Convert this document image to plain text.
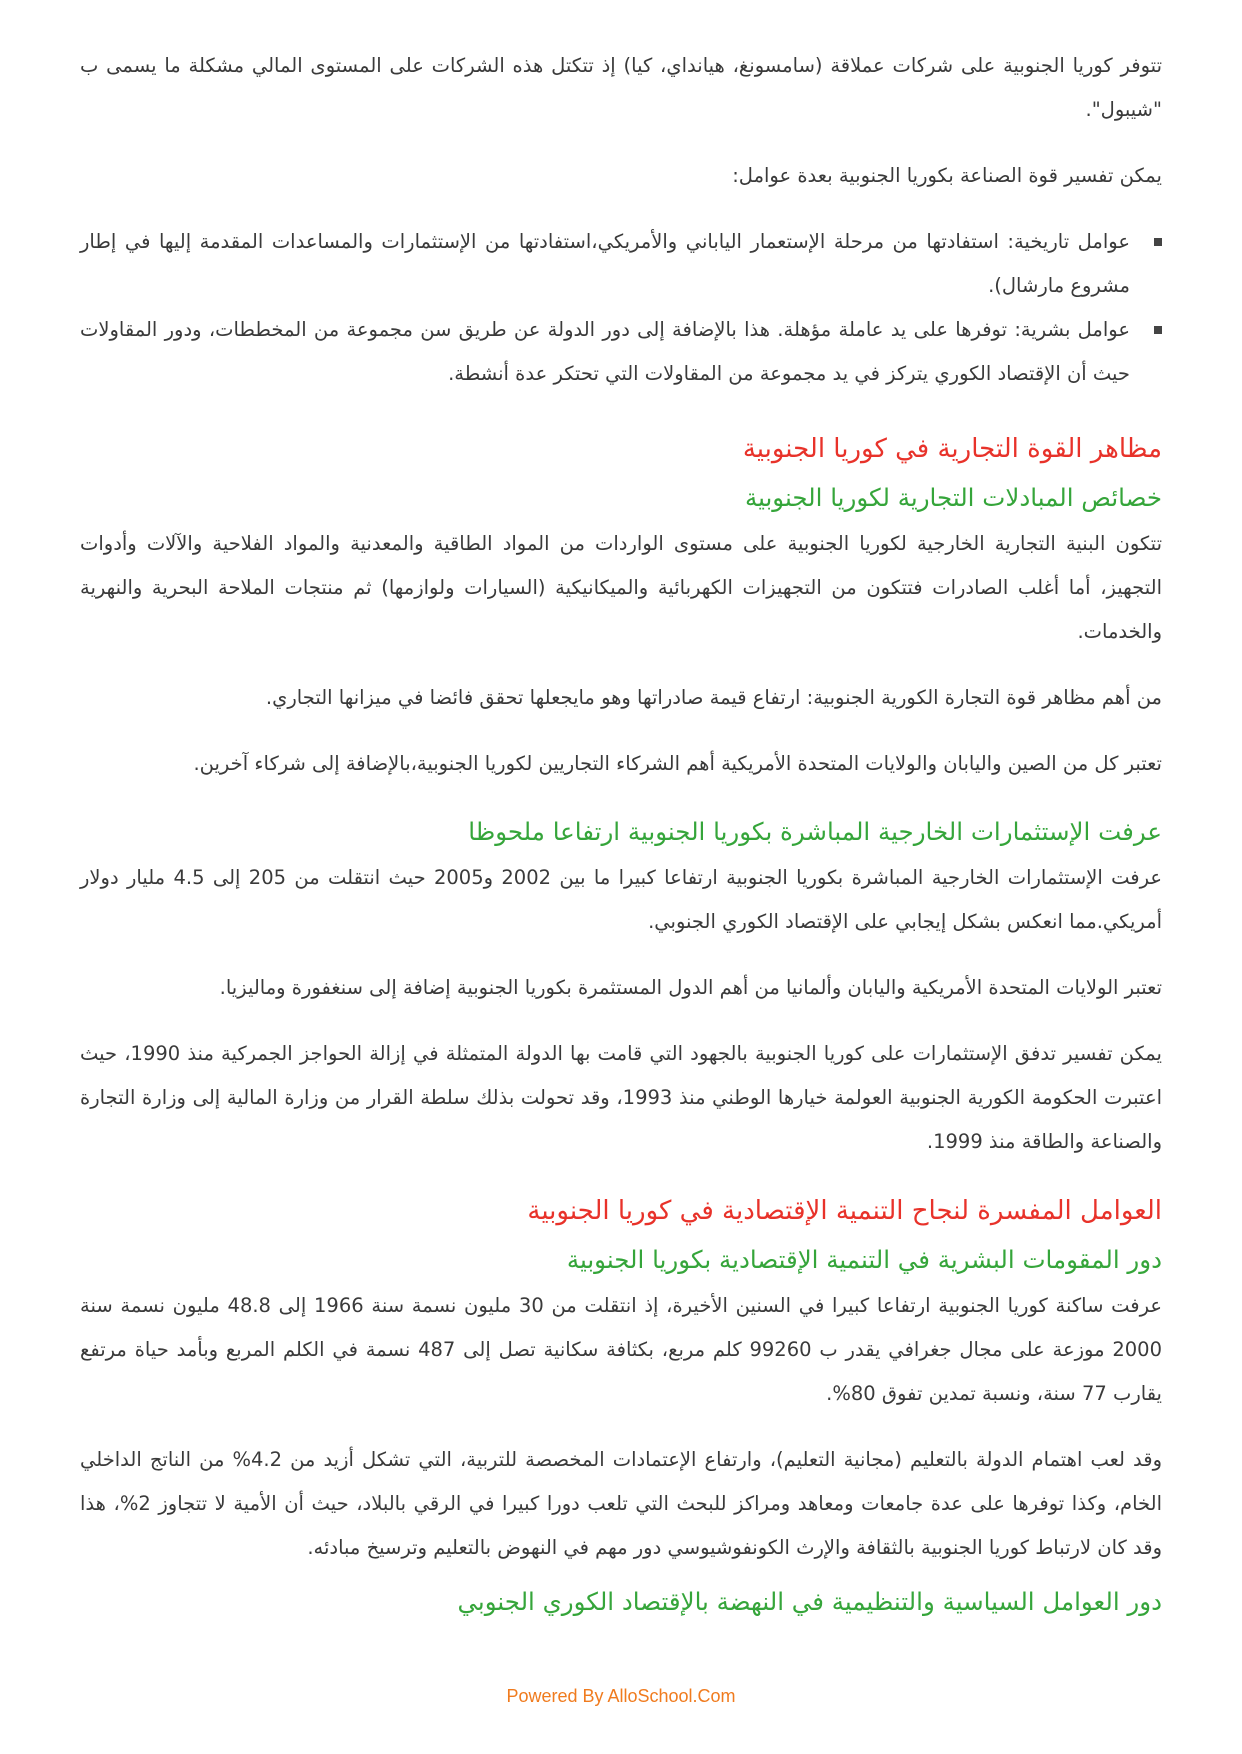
تتوفر كوريا الجنوبية على شركات عملاقة (سامسونغ، هيانداي، كيا) إذ تتكتل هذه الشركات على المستوى المالي مشكلة ما يسمى ب "شيبول".

يمكن تفسير قوة الصناعة بكوريا الجنوبية بعدة عوامل:

عوامل تاريخية: استفادتها من مرحلة الإستعمار الياباني والأمريكي،استفادتها من الإستثمارات والمساعدات المقدمة إليها في إطار مشروع مارشال).
عوامل بشرية: توفرها على يد عاملة مؤهلة. هذا بالإضافة إلى دور الدولة عن طريق سن مجموعة من المخططات، ودور المقاولات حيث أن الإقتصاد الكوري يتركز في يد مجموعة من المقاولات التي تحتكر عدة أنشطة.
مظاهر القوة التجارية في كوريا الجنوبية
خصائص المبادلات التجارية لكوريا الجنوبية

تتكون البنية التجارية الخارجية لكوريا الجنوبية على مستوى الواردات من المواد الطاقية والمعدنية والمواد الفلاحية والآلات وأدوات التجهيز، أما أغلب الصادرات فتتكون من التجهيزات الكهربائية والميكانيكية (السيارات ولوازمها) ثم منتجات الملاحة البحرية والنهرية والخدمات.

من أهم مظاهر قوة التجارة الكورية الجنوبية: ارتفاع قيمة صادراتها وهو مايجعلها تحقق فائضا في ميزانها التجاري.

تعتبر كل من الصين واليابان والولايات المتحدة الأمريكية أهم الشركاء التجاريين لكوريا الجنوبية،بالإضافة إلى شركاء آخرين.

عرفت الإستثمارات الخارجية المباشرة بكوريا الجنوبية ارتفاعا ملحوظا

عرفت الإستثمارات الخارجية المباشرة بكوريا الجنوبية ارتفاعا كبيرا ما بين 2002 و2005 حيث انتقلت من 205 إلى 4.5 مليار دولار أمريكي.مما انعكس بشكل إيجابي على الإقتصاد الكوري الجنوبي.

تعتبر الولايات المتحدة الأمريكية واليابان وألمانيا من أهم الدول المستثمرة بكوريا الجنوبية إضافة إلى سنغفورة وماليزيا.

يمكن تفسير تدفق الإستثمارات على كوريا الجنوبية بالجهود التي قامت بها الدولة المتمثلة في إزالة الحواجز الجمركية منذ 1990، حيث اعتبرت الحكومة الكورية الجنوبية العولمة خيارها الوطني منذ 1993، وقد تحولت بذلك سلطة القرار من وزارة المالية إلى وزارة التجارة والصناعة والطاقة منذ 1999.

العوامل المفسرة لنجاح التنمية الإقتصادية في كوريا الجنوبية
دور المقومات البشرية في التنمية الإقتصادية بكوريا الجنوبية

عرفت ساكنة كوريا الجنوبية ارتفاعا كبيرا في السنين الأخيرة، إذ انتقلت من 30 مليون نسمة سنة 1966 إلى 48.8 مليون نسمة سنة 2000 موزعة على مجال جغرافي يقدر ب 99260 كلم مربع، بكثافة سكانية تصل إلى 487 نسمة في الكلم المربع وبأمد حياة مرتفع يقارب 77 سنة، ونسبة تمدين تفوق 80%.

وقد لعب اهتمام الدولة بالتعليم (مجانية التعليم)، وارتفاع الإعتمادات المخصصة للتربية، التي تشكل أزيد من 4.2% من الناتج الداخلي الخام، وكذا توفرها على عدة جامعات ومعاهد ومراكز للبحث التي تلعب دورا كبيرا في الرقي بالبلاد، حيث أن الأمية لا تتجاوز 2%، هذا وقد كان لارتباط كوريا الجنوبية بالثقافة والإرث الكونفوشيوسي دور مهم في النهوض بالتعليم وترسيخ مبادئه.

دور العوامل السياسية والتنظيمية في النهضة بالإقتصاد الكوري الجنوبي
Powered By AlloSchool.Com
